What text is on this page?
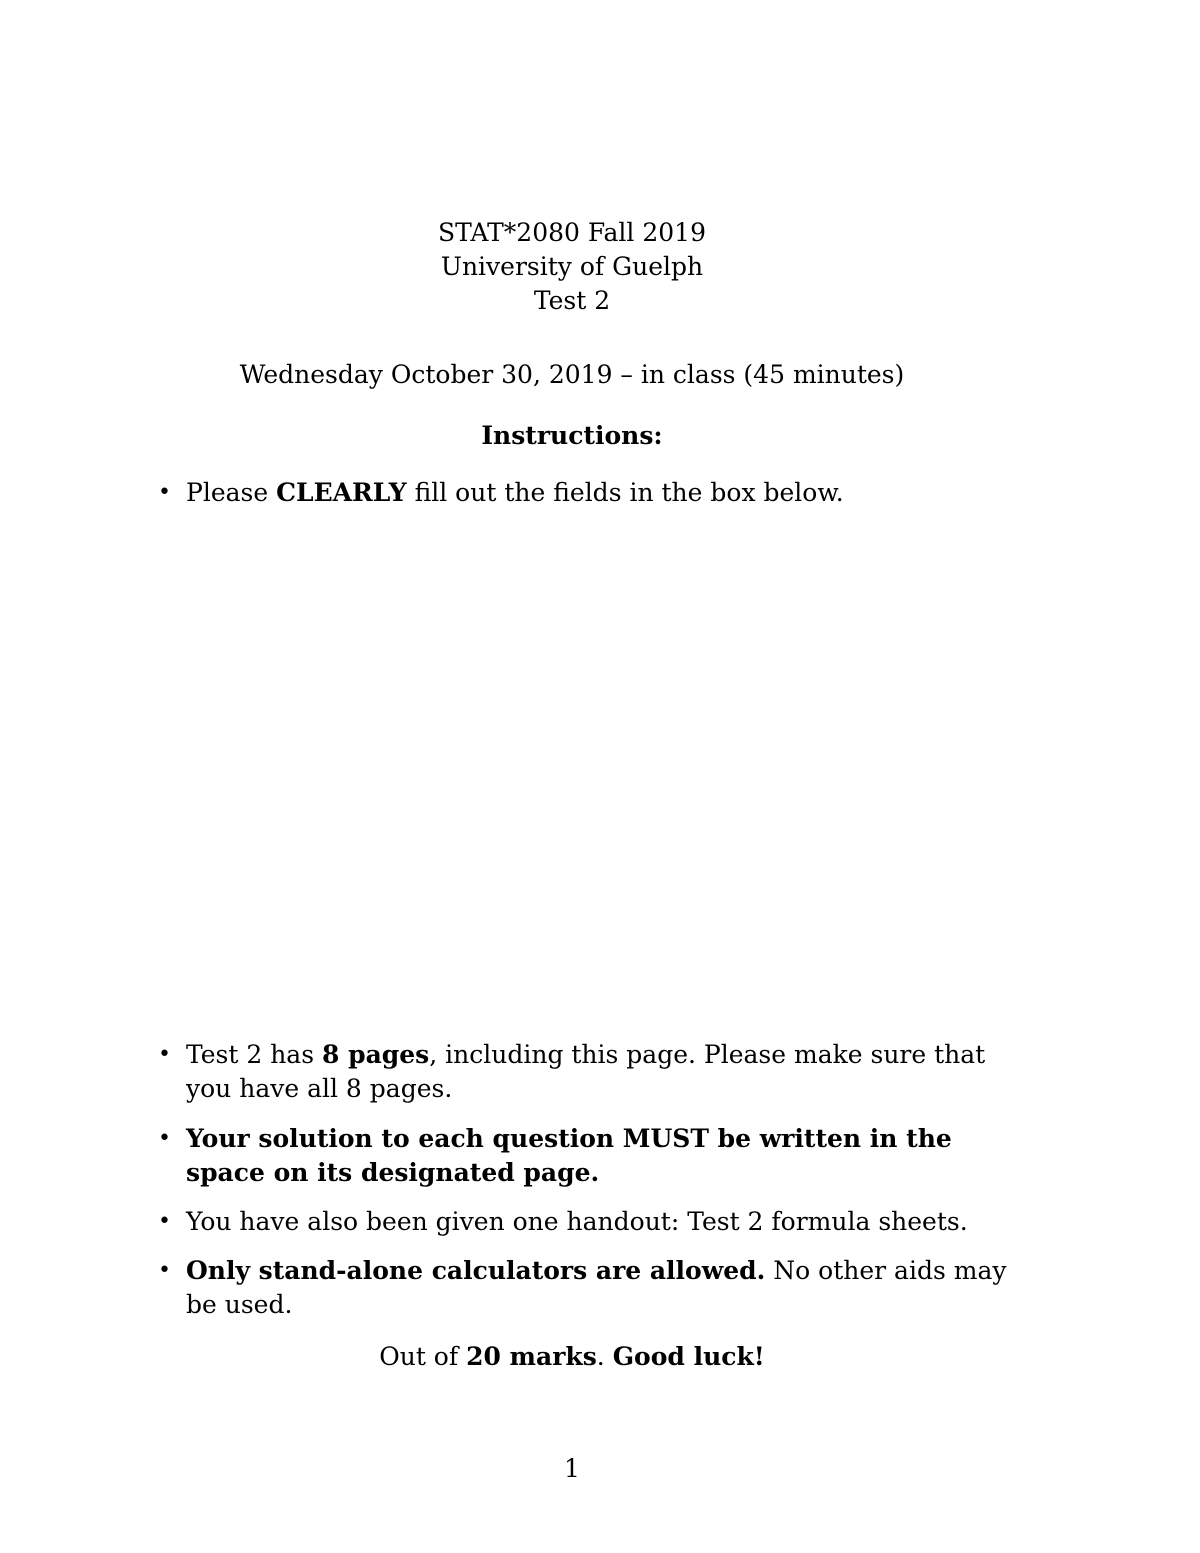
STAT*2080 Fall 2019
University of Guelph
Test 2
Wednesday October 30, 2019 – in class (45 minutes)
Instructions:
• Please CLEARLY fill out the fields in the box below.
• Test 2 has 8 pages, including this page. Please make sure that you have all 8 pages.
• Your solution to each question MUST be written in the space on its designated page.
• You have also been given one handout: Test 2 formula sheets.
• Only stand-alone calculators are allowed. No other aids may be used.
Out of 20 marks. Good luck!
1
